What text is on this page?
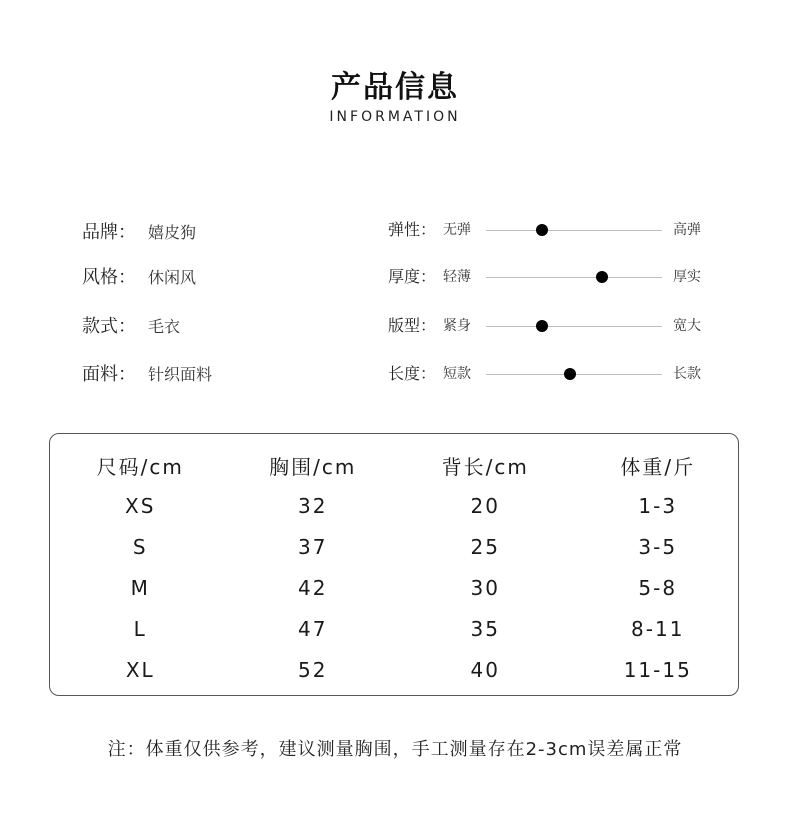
产品信息
INFORMATION
品牌： 嬉皮狗
风格： 休闲风
款式： 毛衣
面料： 针织面料
弹性： 无弹	高弹
厚度： 轻薄	厚实
版型： 紧身	宽大
长度： 短款	长款
尺码/cm	胸围/cm	背长/cm	体重/斤
XS	32	20	1-3
S	37	25	3-5
M	42	30	5-8
L	47	35	8-11
XL	52	40	11-15
注：体重仅供参考，建议测量胸围，手工测量存在2-3cm误差属正常
